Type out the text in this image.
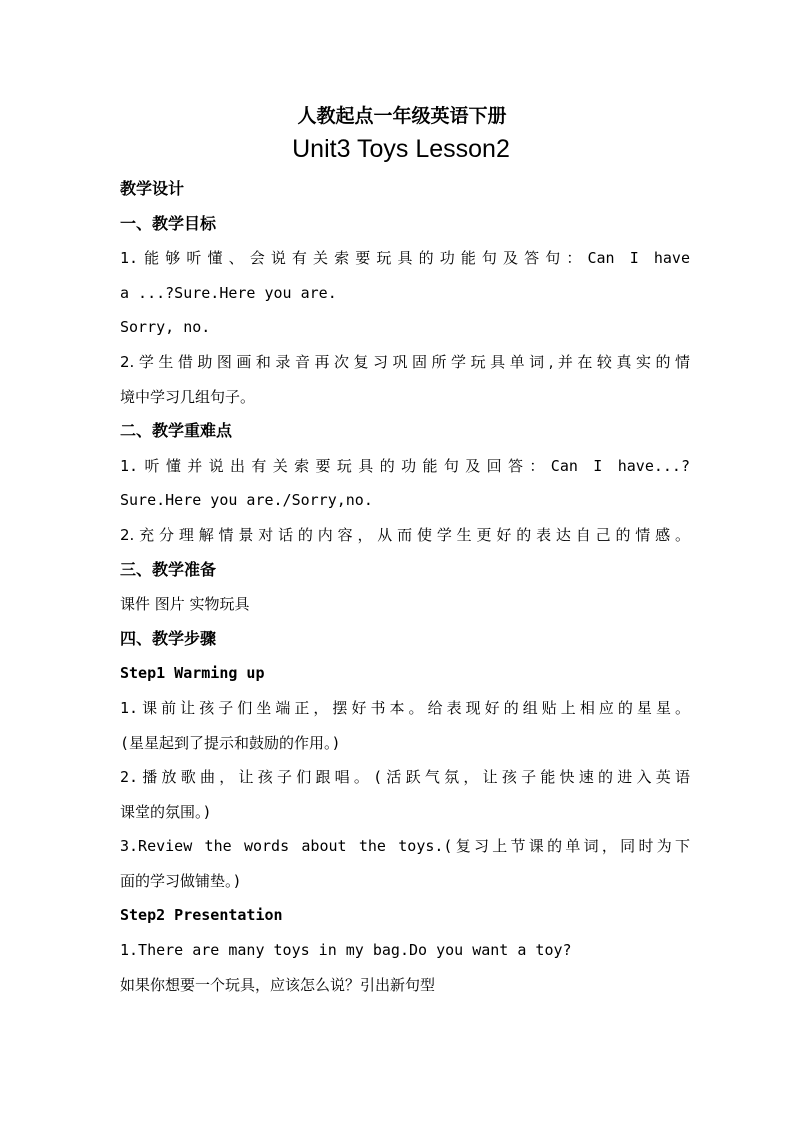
人教起点一年级英语下册
Unit3 Toys Lesson2
教学设计
一、教学目标
1.能够听懂、会说有关索要玩具的功能句及答句：Can I have
a ...?Sure.Here you are.
Sorry, no.
2.学生借助图画和录音再次复习巩固所学玩具单词,并在较真实的情
境中学习几组句子。
二、教学重难点
1.听懂并说出有关索要玩具的功能句及回答：Can I have...?
Sure.Here you are./Sorry,no.
2.充分理解情景对话的内容，从而使学生更好的表达自己的情感。
三、教学准备
课件 图片 实物玩具
四、教学步骤
Step1 Warming up
1.课前让孩子们坐端正，摆好书本。给表现好的组贴上相应的星星。
(星星起到了提示和鼓励的作用。)
2.播放歌曲，让孩子们跟唱。(活跃气氛，让孩子能快速的进入英语
课堂的氛围。)
3.Review the words about the toys.(复习上节课的单词，同时为下
面的学习做铺垫。)
Step2 Presentation
1.There are many toys in my bag.Do you want a toy?
如果你想要一个玩具，应该怎么说？引出新句型
